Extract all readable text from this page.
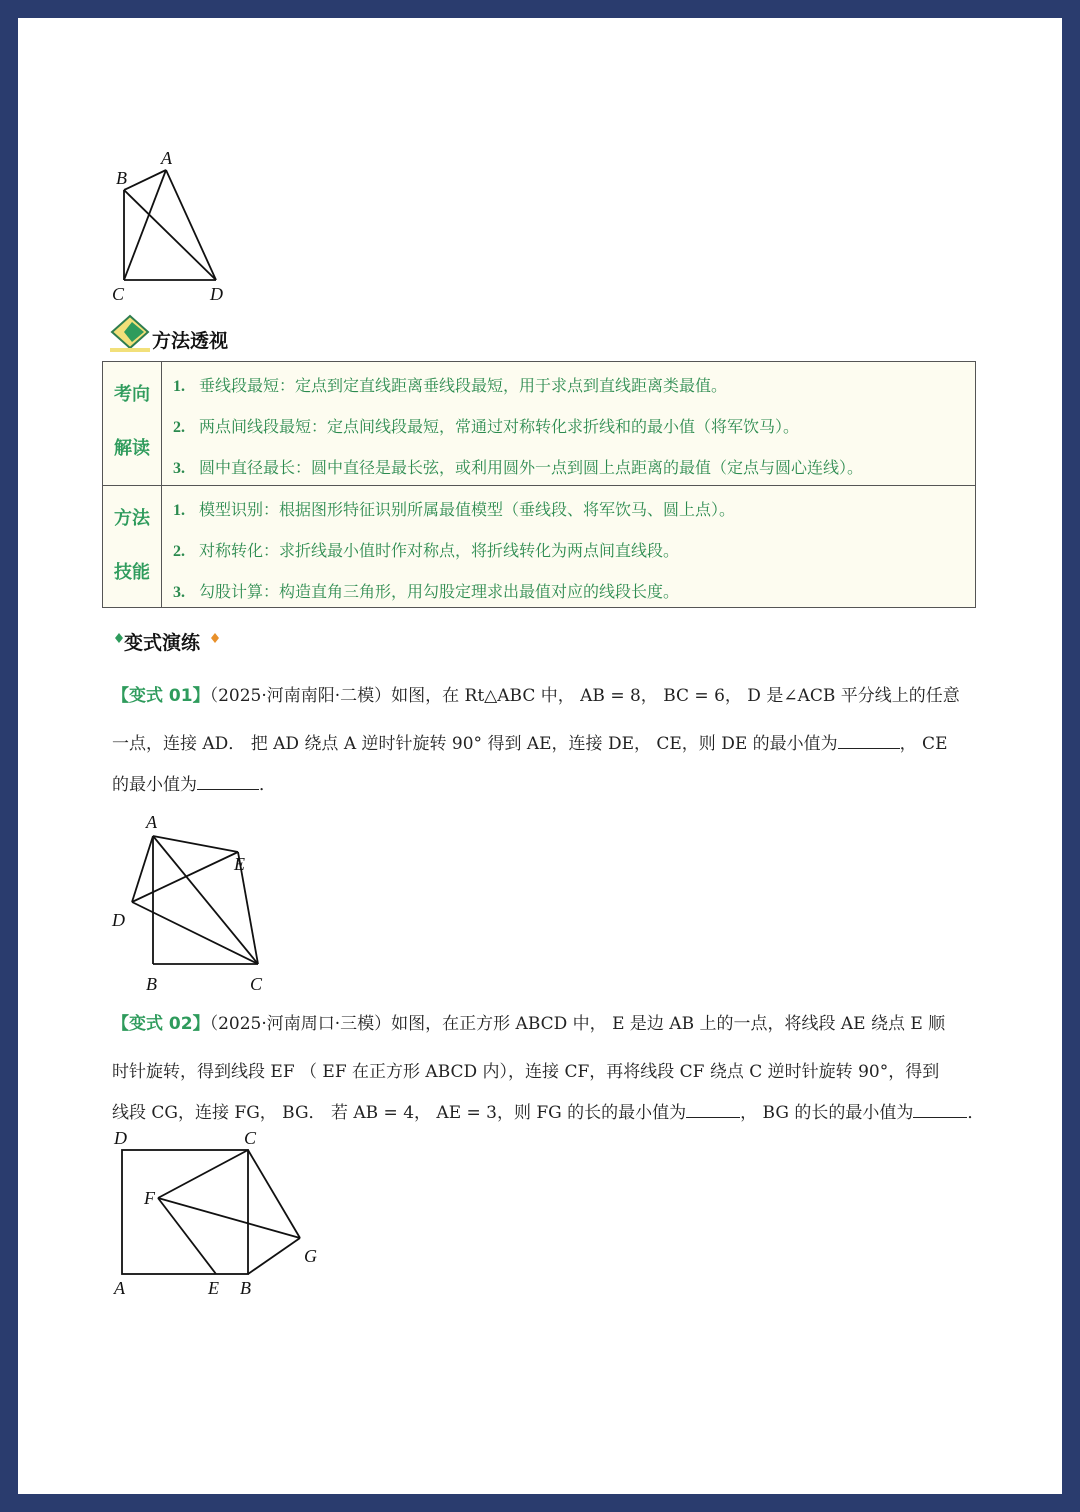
A
B
C	D
方法透视
考向
解读
1. 垂线段最短：定点到定直线距离垂线段最短，用于求点到直线距离类最值。
2. 两点间线段最短：定点间线段最短，常通过对称转化求折线和的最小值（将军饮马）。
3. 圆中直径最长：圆中直径是最长弦，或利用圆外一点到圆上点距离的最值（定点与圆心连线）。
方法
技能
1. 模型识别：根据图形特征识别所属最值模型（垂线段、将军饮马、圆上点）。
2. 对称转化：求折线最小值时作对称点，将折线转化为两点间直线段。
3. 勾股计算：构造直角三角形，用勾股定理求出最值对应的线段长度。
变式演练
【变式 01】（2025·河南南阳·二模）如图，在 Rt△ABC 中， AB = 8， BC = 6， D 是∠ACB 平分线上的任意
一点，连接 AD． 把 AD 绕点 A 逆时针旋转 90° 得到 AE，连接 DE， CE，则 DE 的最小值为	， CE
的最小值为	．
A
E
D
B	C
【变式 02】（2025·河南周口·三模）如图，在正方形 ABCD 中， E 是边 AB 上的一点，将线段 AE 绕点 E 顺
时针旋转，得到线段 EF （ EF 在正方形 ABCD 内），连接 CF，再将线段 CF 绕点 C 逆时针旋转 90°，得到
线段 CG，连接 FG， BG． 若 AB = 4， AE = 3，则 FG 的长的最小值为	， BG 的长的最小值为	．
D	C
F
G
A	E B
